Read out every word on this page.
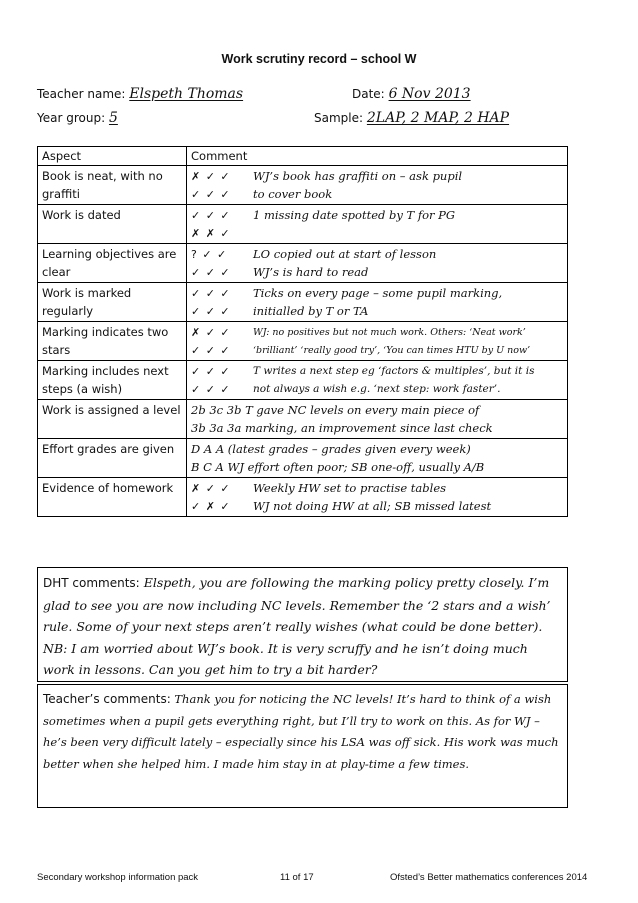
Work scrutiny record – school W
Teacher name: Elspeth Thomas	Date: 6 Nov 2013
Year group: 5	Sample: 2LAP, 2 MAP, 2 HAP
Aspect	Comment
Book is neat, with no graffiti	✗ ✓ ✓ WJ’s book has graffiti on – ask pupil
✓ ✓ ✓ to cover book

Work is dated	✓ ✓ ✓ 1 missing date spotted by T for PG
✗ ✗ ✓

Learning objectives are clear	? ✓ ✓ LO copied out at start of lesson
✓ ✓ ✓ WJ’s is hard to read

Work is marked regularly	✓ ✓ ✓ Ticks on every page – some pupil marking,
✓ ✓ ✓ initialled by T or TA

Marking indicates two stars	✗ ✓ ✓ WJ: no positives but not much work. Others: ‘Neat work’
✓ ✓ ✓ ‘brilliant’ ‘really good try’, ‘You can times HTU by U now’

Marking includes next steps (a wish)	✓ ✓ ✓ T writes a next step eg ‘factors & multiples’, but it is
✓ ✓ ✓ not always a wish e.g. ‘next step: work faster’.

Work is assigned a level	2b 3c 3b T gave NC levels on every main piece of
3b 3a 3a marking, an improvement since last check

Effort grades are given	D A A (latest grades – grades given every week)
B C A WJ effort often poor; SB one-off, usually A/B

Evidence of homework	✗ ✓ ✓ Weekly HW set to practise tables
✓ ✗ ✓ WJ not doing HW at all; SB missed latest
DHT comments: Elspeth, you are following the marking policy pretty closely. I’m glad to see you are now including NC levels. Remember the ‘2 stars and a wish’ rule. Some of your next steps aren’t really wishes (what could be done better). NB: I am worried about WJ’s book. It is very scruffy and he isn’t doing much work in lessons. Can you get him to try a bit harder?
Teacher’s comments: Thank you for noticing the NC levels! It’s hard to think of a wish sometimes when a pupil gets everything right, but I’ll try to work on this. As for WJ – he’s been very difficult lately – especially since his LSA was off sick. His work was much better when she helped him. I made him stay in at play-time a few times.
Secondary workshop information pack	11 of 17	Ofsted’s Better mathematics conferences 2014
